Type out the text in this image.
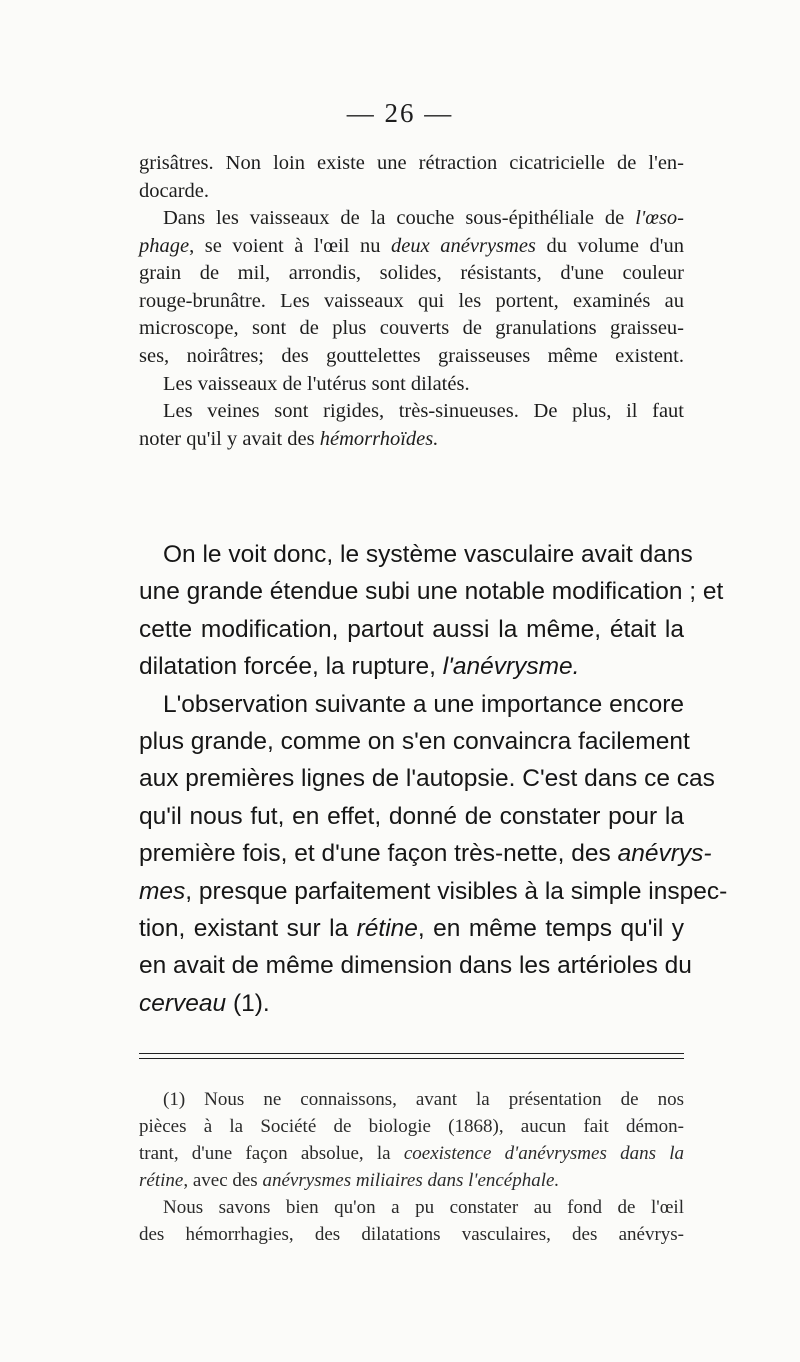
— 26 —

grisâtres. Non loin existe une rétraction cicatricielle de l'en-
docarde.

Dans les vaisseaux de la couche sous-épithéliale de l'œso-
phage, se voient à l'œil nu deux anévrysmes du volume d'un
grain de mil, arrondis, solides, résistants, d'une couleur
rouge-brunâtre. Les vaisseaux qui les portent, examinés au
microscope, sont de plus couverts de granulations graisseu-
ses, noirâtres; des gouttelettes graisseuses même existent.

Les vaisseaux de l'utérus sont dilatés.

Les veines sont rigides, très-sinueuses. De plus, il faut
noter qu'il y avait des hémorrhoïdes.

On le voit donc, le système vasculaire avait dans
une grande étendue subi une notable modification ; et
cette modification, partout aussi la même, était la
dilatation forcée, la rupture, l'anévrysme.

L'observation suivante a une importance encore
plus grande, comme on s'en convaincra facilement
aux premières lignes de l'autopsie. C'est dans ce cas
qu'il nous fut, en effet, donné de constater pour la
première fois, et d'une façon très-nette, des anévrys-
mes, presque parfaitement visibles à la simple inspec-
tion, existant sur la rétine, en même temps qu'il y
en avait de même dimension dans les artérioles du
cerveau (1).

(1) Nous ne connaissons, avant la présentation de nos
pièces à la Société de biologie (1868), aucun fait démon-
trant, d'une façon absolue, la coexistence d'anévrysmes dans la
rétine, avec des anévrysmes miliaires dans l'encéphale.
Nous savons bien qu'on a pu constater au fond de l'œil
des hémorrhagies, des dilatations vasculaires, des anévrys-
